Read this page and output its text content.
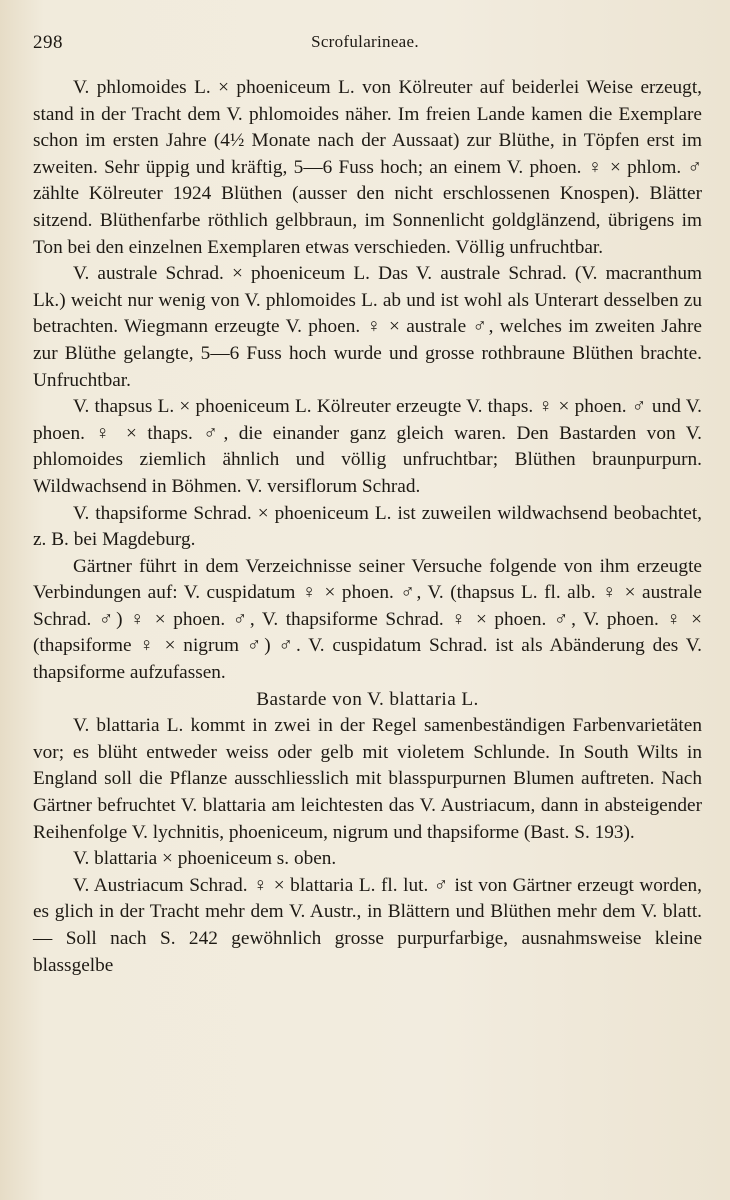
298	Scrofularineae.

V. phlomoides L. × phoeniceum L. von Kölreuter auf beiderlei Weise erzeugt, stand in der Tracht dem V. phlomoides näher. Im freien Lande kamen die Exemplare schon im ersten Jahre (4½ Monate nach der Aussaat) zur Blüthe, in Töpfen erst im zweiten. Sehr üppig und kräftig, 5—6 Fuss hoch; an einem V. phoen. ♀ × phlom. ♂ zählte Kölreuter 1924 Blüthen (ausser den nicht erschlossenen Knospen). Blätter sitzend. Blüthenfarbe röthlich gelbbraun, im Sonnenlicht goldglänzend, übrigens im Ton bei den einzelnen Exemplaren etwas verschieden. Völlig unfruchtbar.

V. australe Schrad. × phoeniceum L. Das V. australe Schrad. (V. macranthum Lk.) weicht nur wenig von V. phlomoides L. ab und ist wohl als Unterart desselben zu betrachten. Wiegmann erzeugte V. phoen. ♀ × australe ♂, welches im zweiten Jahre zur Blüthe gelangte, 5—6 Fuss hoch wurde und grosse rothbraune Blüthen brachte. Unfruchtbar.

V. thapsus L. × phoeniceum L. Kölreuter erzeugte V. thaps. ♀ × phoen. ♂ und V. phoen. ♀ × thaps. ♂, die einander ganz gleich waren. Den Bastarden von V. phlomoides ziemlich ähnlich und völlig unfruchtbar; Blüthen braunpurpurn. Wildwachsend in Böhmen. V. versiflorum Schrad.

V. thapsiforme Schrad. × phoeniceum L. ist zuweilen wildwachsend beobachtet, z. B. bei Magdeburg.

Gärtner führt in dem Verzeichnisse seiner Versuche folgende von ihm erzeugte Verbindungen auf: V. cuspidatum ♀ × phoen. ♂, V. (thapsus L. fl. alb. ♀ × australe Schrad. ♂) ♀ × phoen. ♂, V. thapsiforme Schrad. ♀ × phoen. ♂, V. phoen. ♀ × (thapsiforme ♀ × nigrum ♂) ♂. V. cuspidatum Schrad. ist als Abänderung des V. thapsiforme aufzufassen.

Bastarde von V. blattaria L.

V. blattaria L. kommt in zwei in der Regel samenbeständigen Farbenvarietäten vor; es blüht entweder weiss oder gelb mit violetem Schlunde. In South Wilts in England soll die Pflanze ausschliesslich mit blasspurpurnen Blumen auftreten. Nach Gärtner befruchtet V. blattaria am leichtesten das V. Austriacum, dann in absteigender Reihenfolge V. lychnitis, phoeniceum, nigrum und thapsiforme (Bast. S. 193).

V. blattaria × phoeniceum s. oben.

V. Austriacum Schrad. ♀ × blattaria L. fl. lut. ♂ ist von Gärtner erzeugt worden, es glich in der Tracht mehr dem V. Austr., in Blättern und Blüthen mehr dem V. blatt. — Soll nach S. 242 gewöhnlich grosse purpurfarbige, ausnahmsweise kleine blassgelbe
